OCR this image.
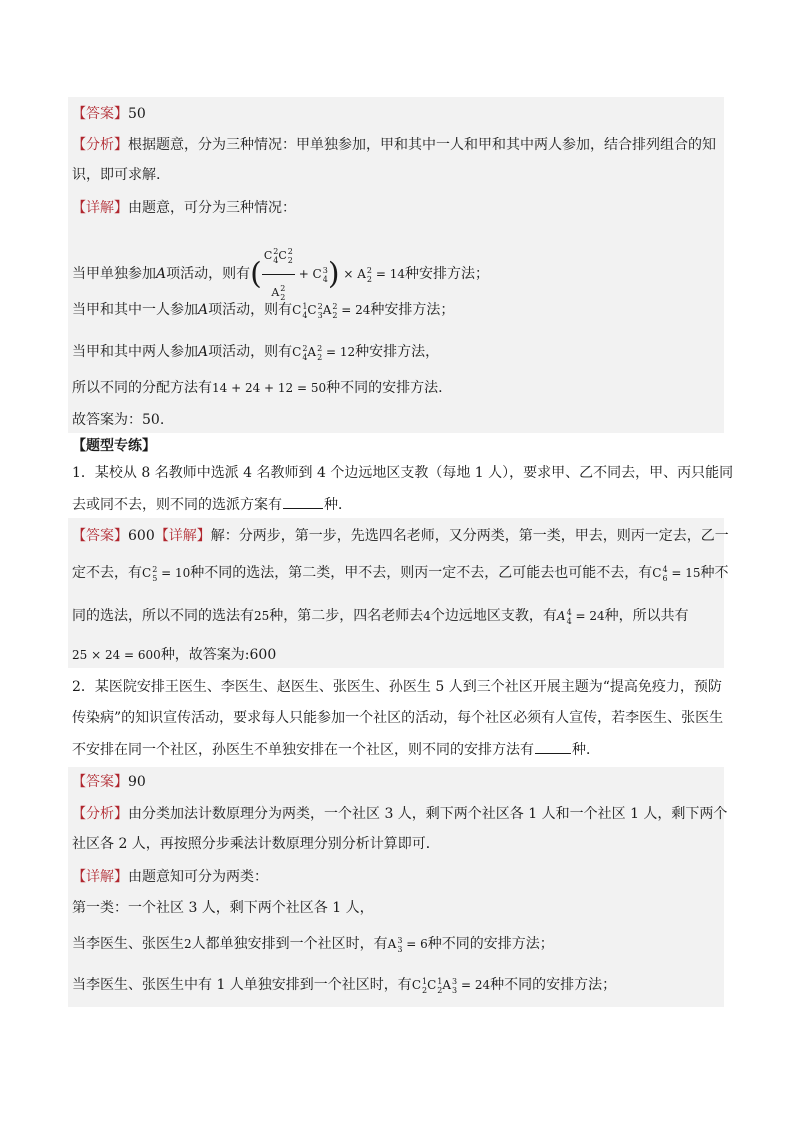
【答案】50
【分析】根据题意，分为三种情况：甲单独参加，甲和其中一人和甲和其中两人参加，结合排列组合的知
识，即可求解.
【详解】由题意，可分为三种情况：
当甲单独参加A项活动，则有(
C2
4C2
2
A2
2
+ C3
4) × A2
2 = 14种安排方法；
当甲和其中一人参加A项活动，则有C1
4C2
3A2
2 = 24种安排方法；
当甲和其中两人参加A项活动，则有C2
4A2
2 = 12种安排方法，
所以不同的分配方法有14 + 24 + 12 = 50种不同的安排方法.
故答案为：50.
【题型专练】
1．某校从 8 名教师中选派 4 名教师到 4 个边远地区支教（每地 1 人），要求甲、乙不同去，甲、丙只能同
去或同不去，则不同的选派方案有	种．
【答案】600【详解】解：分两步，第一步，先选四名老师，又分两类，第一类，甲去，则丙一定去，乙一
定不去，有C2
5 = 10种不同的选法，第二类，甲不去，则丙一定不去，乙可能去也可能不去，有C4
6 = 15种不
同的选法，所以不同的选法有25种，第二步，四名老师去4个边远地区支教，有A4
4 = 24种，所以共有
25 × 24 = 600种，故答案为:600
2．某医院安排王医生、李医生、赵医生、张医生、孙医生 5 人到三个社区开展主题为“提高免疫力，预防
传染病”的知识宣传活动，要求每人只能参加一个社区的活动，每个社区必须有人宣传，若李医生、张医生
不安排在同一个社区，孙医生不单独安排在一个社区，则不同的安排方法有	种．
【答案】90
【分析】由分类加法计数原理分为两类，一个社区 3 人，剩下两个社区各 1 人和一个社区 1 人，剩下两个
社区各 2 人，再按照分步乘法计数原理分别分析计算即可．
【详解】由题意知可分为两类：
第一类：一个社区 3 人，剩下两个社区各 1 人，
当李医生、张医生2人都单独安排到一个社区时，有A3
3 = 6种不同的安排方法；
当李医生、张医生中有 1 人单独安排到一个社区时，有C1
2C1
2A3
3 = 24种不同的安排方法；
